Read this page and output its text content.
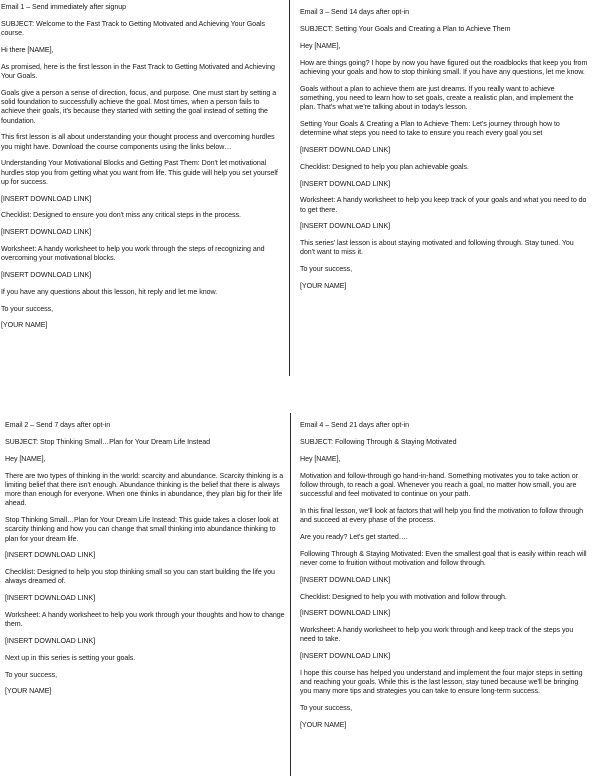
Email 1 – Send immediately after signup

SUBJECT: Welcome to the Fast Track to Getting Motivated and Achieving Your Goals course.

Hi there [NAME],

As promised, here is the first lesson in the Fast Track to Getting Motivated and Achieving Your Goals.

Goals give a person a sense of direction, focus, and purpose. One must start by setting a solid foundation to successfully achieve the goal. Most times, when a person fails to achieve their goals, it's because they started with setting the goal instead of setting the foundation.

This first lesson is all about understanding your thought process and overcoming hurdles you might have. Download the course components using the links below…

Understanding Your Motivational Blocks and Getting Past Them: Don't let motivational hurdles stop you from getting what you want from life. This guide will help you set yourself up for success.

[INSERT DOWNLOAD LINK]

Checklist: Designed to ensure you don't miss any critical steps in the process.

[INSERT DOWNLOAD LINK]

Worksheet: A handy worksheet to help you work through the steps of recognizing and overcoming your motivational blocks.

[INSERT DOWNLOAD LINK]

If you have any questions about this lesson, hit reply and let me know.

To your success,

[YOUR NAME]

Email 2 – Send 7 days after opt-in

SUBJECT: Stop Thinking Small…Plan for Your Dream Life Instead

Hey [NAME],

There are two types of thinking in the world: scarcity and abundance. Scarcity thinking is a limiting belief that there isn't enough. Abundance thinking is the belief that there is always more than enough for everyone. When one thinks in abundance, they plan big for their life ahead.

Stop Thinking Small…Plan for Your Dream Life Instead: This guide takes a closer look at scarcity thinking and how you can change that small thinking into abundance thinking to plan for your dream life.

[INSERT DOWNLOAD LINK]

Checklist: Designed to help you stop thinking small so you can start building the life you always dreamed of.

[INSERT DOWNLOAD LINK]

Worksheet: A handy worksheet to help you work through your thoughts and how to change them.

[INSERT DOWNLOAD LINK]

Next up in this series is setting your goals.

To your success,

[YOUR NAME]

Email 3 – Send 14 days after opt-in

SUBJECT: Setting Your Goals and Creating a Plan to Achieve Them

Hey [NAME],

How are things going? I hope by now you have figured out the roadblocks that keep you from achieving your goals and how to stop thinking small. If you have any questions, let me know.

Goals without a plan to achieve them are just dreams. If you really want to achieve something, you need to learn how to set goals, create a realistic plan, and implement the plan. That's what we're talking about in today's lesson.

Setting Your Goals & Creating a Plan to Achieve Them: Let's journey through how to determine what steps you need to take to ensure you reach every goal you set

[INSERT DOWNLOAD LINK]

Checklist: Designed to help you plan achievable goals.

[INSERT DOWNLOAD LINK]

Worksheet: A handy worksheet to help you keep track of your goals and what you need to do to get there.

[INSERT DOWNLOAD LINK]

This series' last lesson is about staying motivated and following through. Stay tuned. You don't want to miss it.

To your success,

[YOUR NAME]

Email 4 – Send 21 days after opt-in

SUBJECT: Following Through & Staying Motivated

Hey [NAME],

Motivation and follow-through go hand-in-hand. Something motivates you to take action or follow through, to reach a goal. Whenever you reach a goal, no matter how small, you are successful and feel motivated to continue on your path.

In this final lesson, we'll look at factors that will help you find the motivation to follow through and succeed at every phase of the process.

Are you ready? Let's get started….

Following Through & Staying Motivated: Even the smallest goal that is easily within reach will never come to fruition without motivation and follow through.

[INSERT DOWNLOAD LINK]

Checklist: Designed to help you with motivation and follow through.

[INSERT DOWNLOAD LINK]

Worksheet: A handy worksheet to help you work through and keep track of the steps you need to take.

[INSERT DOWNLOAD LINK]

I hope this course has helped you understand and implement the four major steps in setting and reaching your goals. While this is the last lesson, stay tuned because we'll be bringing you many more tips and strategies you can take to ensure long-term success.

To your success,

[YOUR NAME]
